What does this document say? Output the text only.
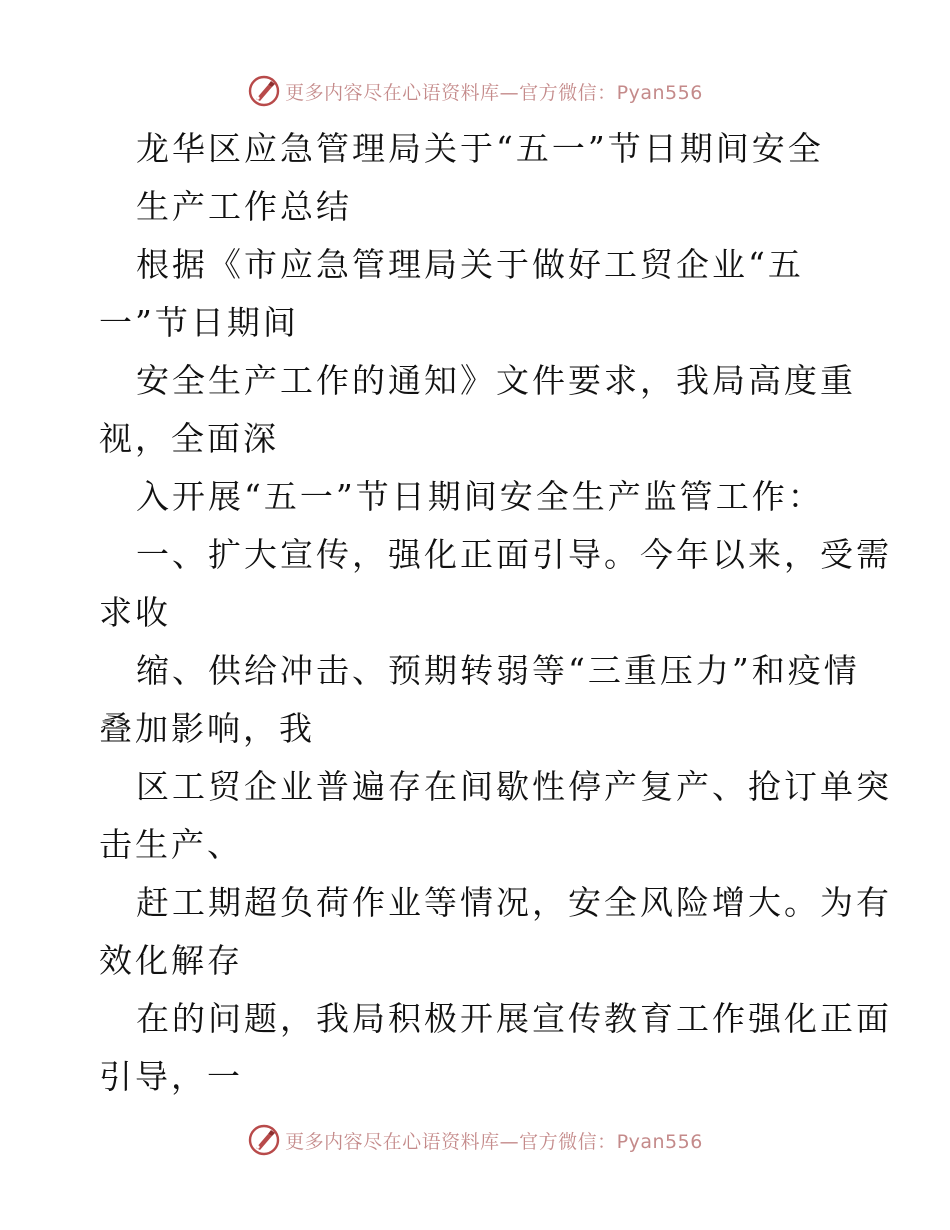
更多内容尽在心语资料库—官方微信：Pyan556
龙华区应急管理局关于“五一”节日期间安全
生产工作总结
根据《市应急管理局关于做好工贸企业“五
一”节日期间
安全生产工作的通知》文件要求，我局高度重
视，全面深
入开展“五一”节日期间安全生产监管工作：
一、扩大宣传，强化正面引导。今年以来，受需
求收
缩、供给冲击、预期转弱等“三重压力”和疫情
叠加影响，我
区工贸企业普遍存在间歇性停产复产、抢订单突
击生产、
赶工期超负荷作业等情况，安全风险增大。为有
效化解存
在的问题，我局积极开展宣传教育工作强化正面
引导，一
更多内容尽在心语资料库—官方微信：Pyan556
